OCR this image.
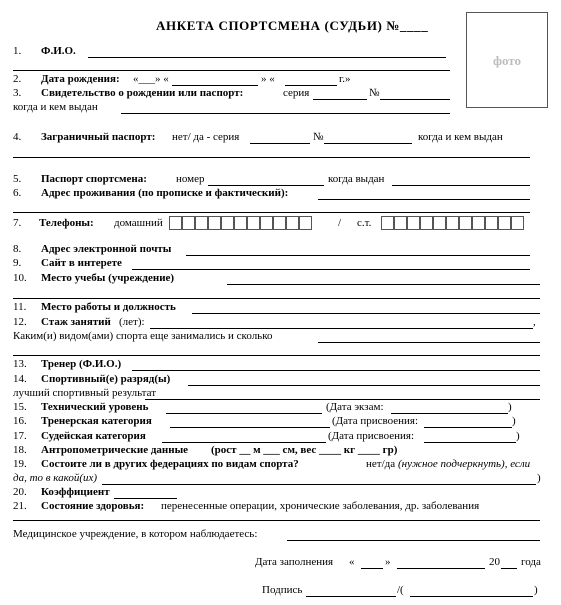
АНКЕТА СПОРТСМЕНА (СУДЬИ) №____
фото
1. Ф.И.О.
2. Дата рождения: «___» «	» «	г.»
3. Свидетельство о рождении или паспорт:	серия	№
когда и кем выдан
4. Заграничный паспорт: нет/ да - серия	№	когда и кем выдан
5. Паспорт спортсмена:	номер	когда выдан
6. Адрес проживания (по прописке и фактический):
7. Телефоны: домашний	/ с.т.
8. Адрес электронной почты
9. Сайт в интерете
10. Место учебы (учреждение)
11. Место работы и должность
12. Стаж занятий (лет):	,
Каким(и) видом(ами) спорта еще занимались и сколько
13. Тренер (Ф.И.О.)
14. Спортивный(е) разряд(ы)
лучший спортивный результат
15. Технический уровень	(Дата экзам:	)
16. Тренерская категория	(Дата присвоения:	)
17. Судейская категория	(Дата присвоения:	)
18. Антропометрические данные (рост __ м ___ см, вес ____ кг ____ гр)
19. Состоите ли в других федерациях по видам спорта?	нет/да (нужное подчеркнуть), если
да, то в какой(их)	)
20. Коэффициент
21. Состояние здоровья: перенесенные операции, хронические заболевания, др. заболевания
Медицинское учреждение, в котором наблюдаетесь:
Дата заполнения «	»	20 года
Подпись	/(	)
